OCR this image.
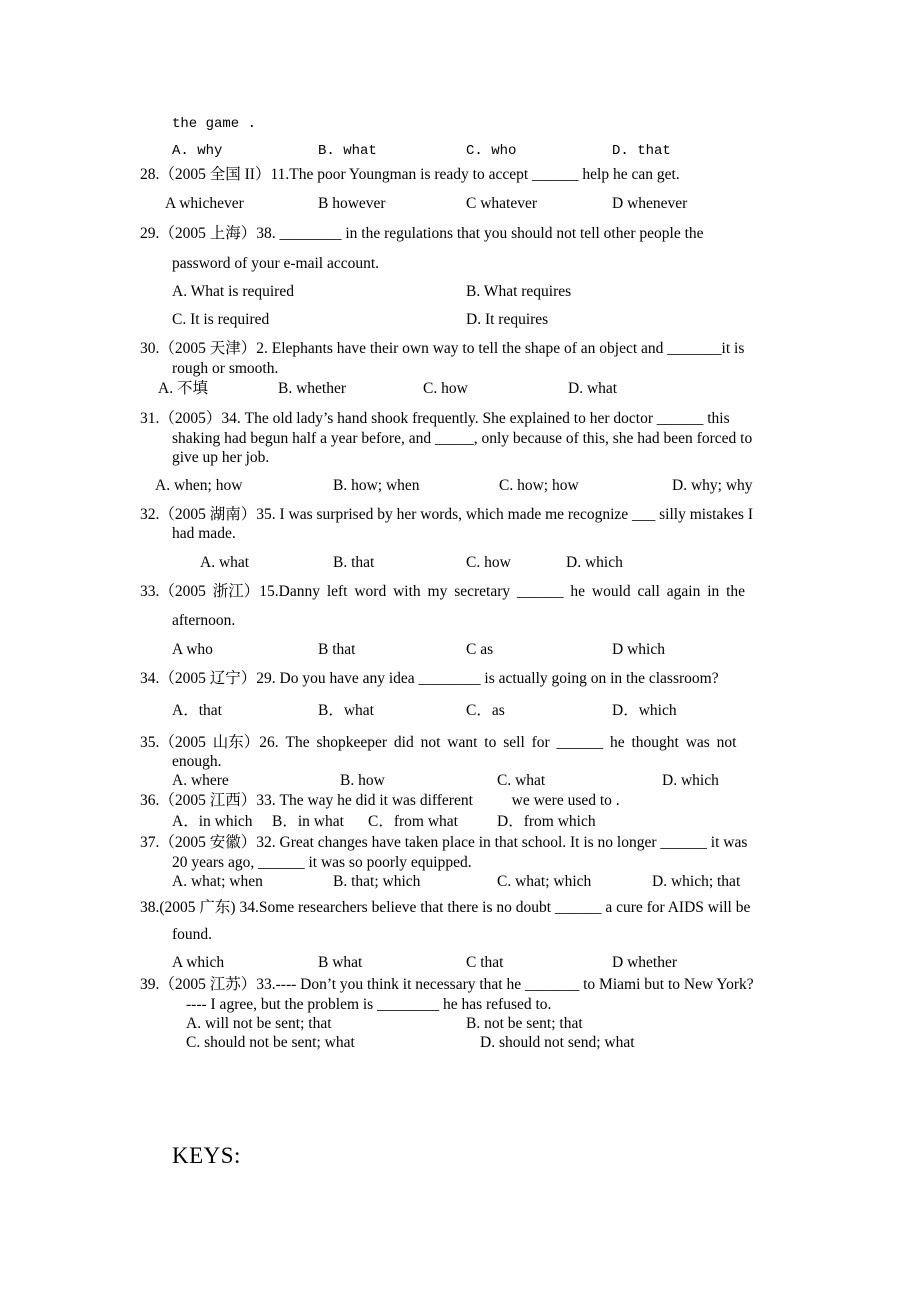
the game .
A. why	B. what	C. who	D. that
28.（2005 全国 II）11.The poor Youngman is ready to accept ______ help he can get.
A whichever	B however	C whatever	D whenever
29.（2005 上海）38. ________ in the regulations that you should not tell other people the
password of your e-mail account.
A. What is required	B. What requires
C. It is required	D. It requires
30.（2005 天津）2. Elephants have their own way to tell the shape of an object and _______it is
rough or smooth.
A. 不填	B. whether	C. how	D. what
31.（2005）34. The old lady’s hand shook frequently. She explained to her doctor ______ this
shaking had begun half a year before, and _____, only because of this, she had been forced to
give up her job.
A. when; how	B. how; when	C. how; how	D. why; why
32.（2005 湖南）35. I was surprised by her words, which made me recognize ___ silly mistakes I
had made.
A. what	B. that	C. how	D. which
33.（2005 浙江）15.Danny left word with my secretary ______ he would call again in the
afternoon.
A who	B that	C as	D which
34.（2005 辽宁）29. Do you have any idea ________ is actually going on in the classroom?
A．that	B．what	C．as	D．which
35.（2005 山东）26. The shopkeeper did not want to sell for ______ he thought was not
enough.
A. where	B. how	C. what	D. which
36.（2005 江西）33. The way he did it was different          we were used to .
A．in which B．in what C．from what	D．from which
37.（2005 安徽）32. Great changes have taken place in that school. It is no longer ______ it was
20 years ago, ______ it was so poorly equipped.
A. what; when	B. that; which	C. what; which	D. which; that
38.(2005 广东) 34.Some researchers believe that there is no doubt ______ a cure for AIDS will be
found.
A which	B what	C that	D whether
39.（2005 江苏）33.---- Don’t you think it necessary that he _______ to Miami but to New York?
---- I agree, but the problem is ________ he has refused to.
A. will not be sent; that	B. not be sent; that
C. should not be sent; what	D. should not send; what
KEYS:
